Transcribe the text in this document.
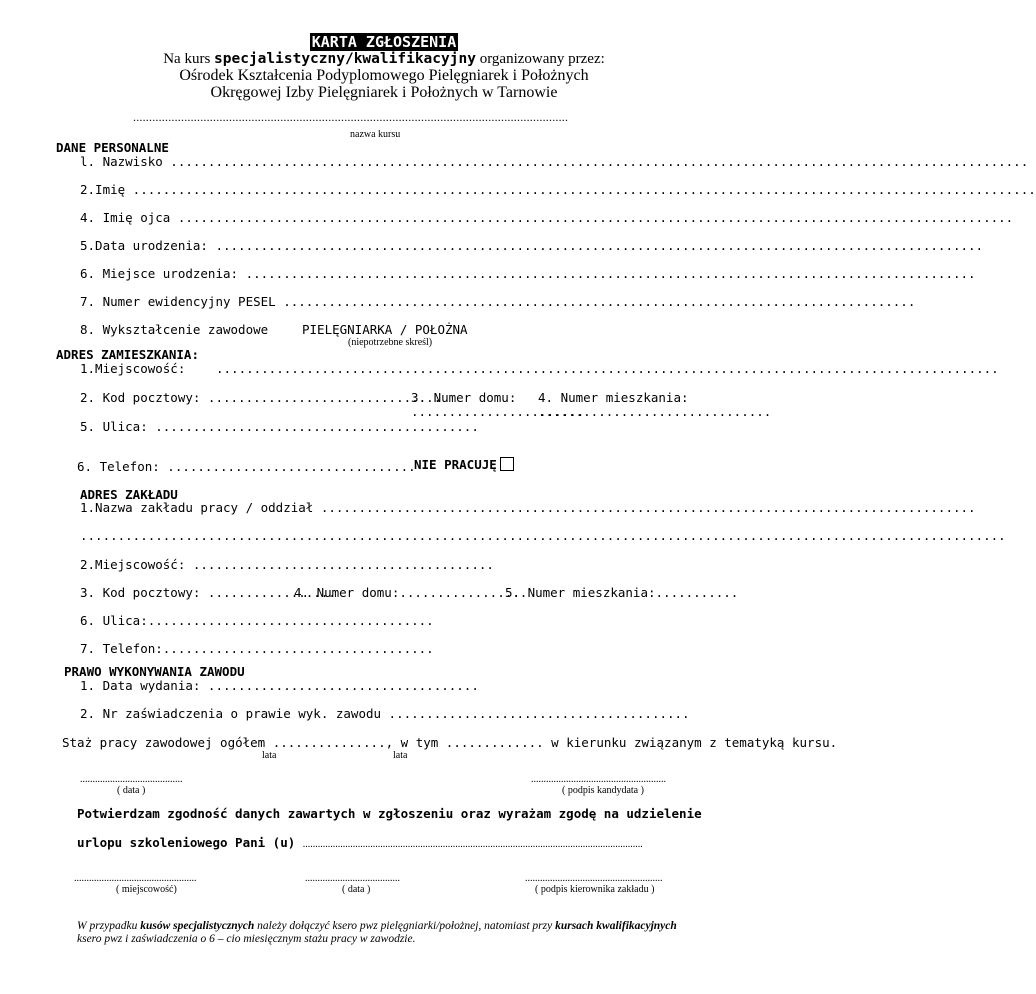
KARTA ZGŁOSZENIA
Na kurs specjalistyczny/kwalifikacyjny organizowany przez:
Ośrodek Kształcenia Podyplomowego Pielęgniarek i Położnych
Okręgowej Izby Pielęgniarek i Położnych w Tarnowie
........................................................................................................................................
nazwa kursu
DANE PERSONALNE
l. Nazwisko ..................................................................................................................
2.Imię ........................................................................................................................
4. Imię ojca ...............................................................................................................
5.Data urodzenia: ......................................................................................................
6. Miejsce urodzenia: .................................................................................................
7. Numer ewidencyjny PESEL ....................................................................................
8. Wykształcenie zawodowe	PIELĘGNIARKA / POŁOŻNA
(niepotrzebne skreśl)
ADRES ZAMIESZKANIA:
1.Miejscowość: ........................................................................................................
2. Kod pocztowy: ...............................
3. Numer domu:
.......................
4. Numer mieszkania:
...............................
5. Ulica: ...........................................
6. Telefon: .................................
NIE PRACUJĘ
ADRES ZAKŁADU
1.Nazwa zakładu pracy / oddział .......................................................................................
...........................................................................................................................
2.Miejscowość: ........................................
3. Kod pocztowy: .................
4. Numer domu:.................
5. Numer mieszkania:...........
6. Ulica:......................................
7. Telefon:....................................
PRAWO WYKONYWANIA ZAWODU
1. Data wydania: ....................................
2. Nr zaświadczenia o prawie wyk. zawodu ........................................
Staż pracy zawodowej ogółem ..............., w tym ............. w kierunku związanym z tematyką kursu.
lata	lata
.........................................
( data )
......................................................
( podpis kandydata )
Potwierdzam zgodność danych zawartych w zgłoszeniu oraz wyrażam zgodę na udzielenie
urlopu szkoleniowego Pani (u) ........................................................................................................................................
.................................................
( miejscowość)
......................................
( data )
.......................................................
( podpis kierownika zakładu )
W przypadku kusów specjalistycznych należy dołączyć ksero pwz pielęgniarki/położnej, natomiast przy kursach kwalifikacyjnych
ksero pwz i zaświadczenia o 6 – cio miesięcznym stażu pracy w zawodzie.
